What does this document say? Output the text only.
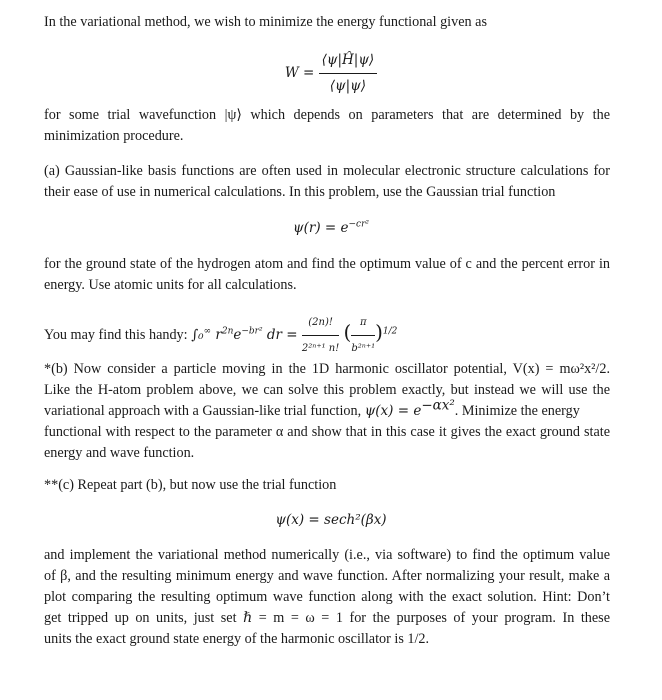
In the variational method, we wish to minimize the energy functional given as
$W = \frac{⟨\psi|Ĥ|\psi⟩}{⟨\psi|\psi⟩}$
for some trial wavefunction |ψ⟩ which depends on parameters that are determined by the
minimization procedure.
(a) Gaussian-like basis functions are often used in molecular electronic structure calculations for
their ease of use in numerical calculations. In this problem, use the Gaussian trial function
$\psi(r) = e^{-cr^2}$
for the ground state of the hydrogen atom and find the optimum value of c and the percent error in
energy. Use atomic units for all calculations.
You may find this handy: ∫₀∞ $r^{2n}e^{-br^2}$ dr = $\frac{(2n)!}{\text{2²ⁿ⁺¹ n!}}$ ( $\frac{\pi}{\text{b²ⁿ⁺¹}} )^{1/2}$
*(b) Now consider a particle moving in the 1D harmonic oscillator potential, V(x) = mω²x²/2.
Like the H-atom problem above, we can solve this problem exactly, but instead we will use the
variational approach with a Gaussian-like trial function, $\psi(x) = e^{-\alpha x^2}$. Minimize the energy
functional with respect to the parameter α and show that in this case it gives the exact ground state
energy and wave function.
**(c) Repeat part (b), but now use the trial function
ψ(x) = sech²(βx)
and implement the variational method numerically (i.e., via software) to find the optimum value
of β, and the resulting minimum energy and wave function. After normalizing your result, make a
plot comparing the resulting optimum wave function along with the exact solution. Hint: Don’t
get tripped up on units, just set ℏ = m = ω = 1 for the purposes of your program. In these
units the exact ground state energy of the harmonic oscillator is 1/2.
